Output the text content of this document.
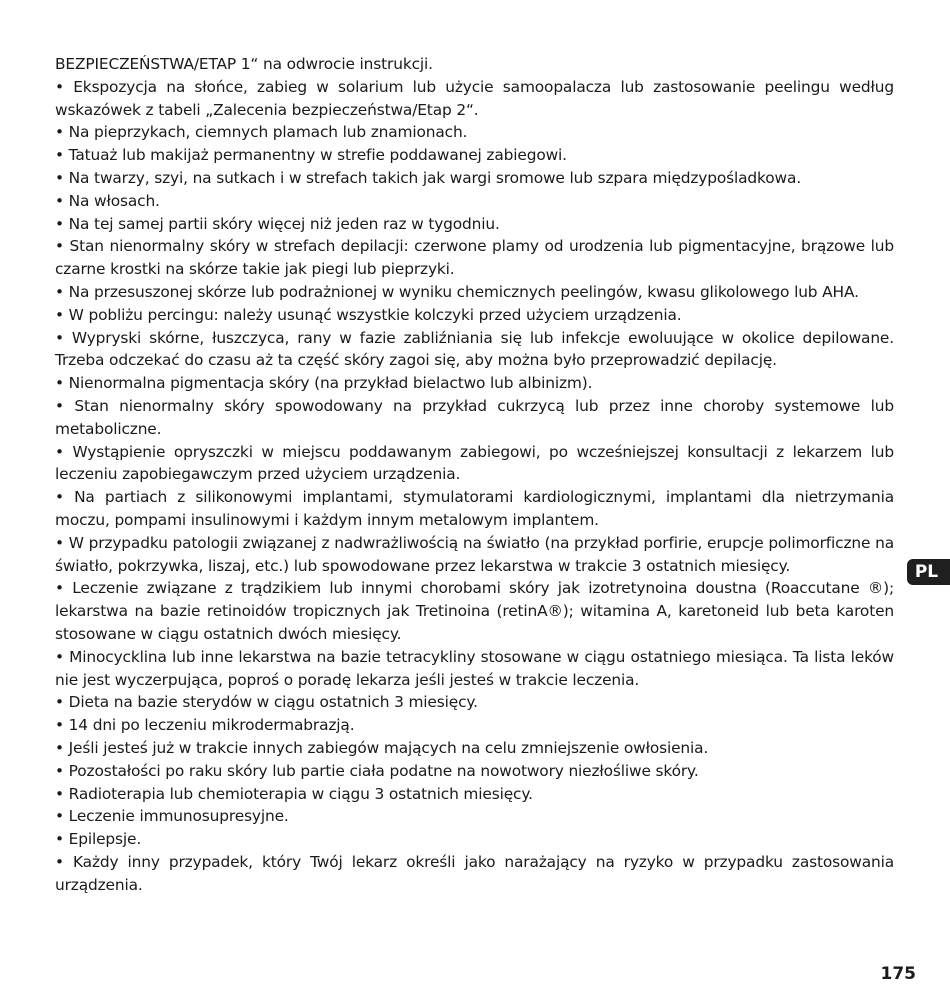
BEZPIECZEŃSTWA/ETAP 1“ na odwrocie instrukcji.

• Ekspozycja na słońce, zabieg w solarium lub użycie samoopalacza lub zastosowanie peelingu według wskazówek z tabeli „Zalecenia bezpieczeństwa/Etap 2“.

• Na pieprzykach, ciemnych plamach lub znamionach.

• Tatuaż lub makijaż permanentny w strefie poddawanej zabiegowi.

• Na twarzy, szyi, na sutkach i w strefach takich jak wargi sromowe lub szpara międzypośladkowa.

• Na włosach.

• Na tej samej partii skóry więcej niż jeden raz w tygodniu.

• Stan nienormalny skóry w strefach depilacji: czerwone plamy od urodzenia lub pigmentacyjne, brązowe lub czarne krostki na skórze takie jak piegi lub pieprzyki.

• Na przesuszonej skórze lub podrażnionej w wyniku chemicznych peelingów, kwasu glikolowego lub AHA.

• W pobliżu percingu: należy usunąć wszystkie kolczyki przed użyciem urządzenia.

• Wypryski skórne, łuszczyca, rany w fazie zabliźniania się lub infekcje ewoluujące w okolice depilowane. Trzeba odczekać do czasu aż ta część skóry zagoi się, aby można było przeprowadzić depilację.

• Nienormalna pigmentacja skóry (na przykład bielactwo lub albinizm).

• Stan nienormalny skóry spowodowany na przykład cukrzycą lub przez inne choroby systemowe lub metaboliczne.

• Wystąpienie opryszczki w miejscu poddawanym zabiegowi, po wcześniejszej konsultacji z lekarzem lub leczeniu zapobiegawczym przed użyciem urządzenia.

• Na partiach z silikonowymi implantami, stymulatorami kardiologicznymi, implantami dla nietrzymania moczu, pompami insulinowymi i każdym innym metalowym implantem.

• W przypadku patologii związanej z nadwrażliwością na światło (na przykład porfirie, erupcje polimorficzne na światło, pokrzywka, liszaj, etc.) lub spowodowane przez lekarstwa w trakcie 3 ostatnich miesięcy.

• Leczenie związane z trądzikiem lub innymi chorobami skóry jak izotretynoina doustna (Roaccutane ®); lekarstwa na bazie retinoidów tropicznych jak Tretinoina (retinA®); witamina A, karetoneid lub beta karoten stosowane w ciągu ostatnich dwóch miesięcy.

• Minocycklina lub inne lekarstwa na bazie tetracykliny stosowane w ciągu ostatniego miesiąca. Ta lista leków nie jest wyczerpująca, poproś o poradę lekarza jeśli jesteś w trakcie leczenia.

• Dieta na bazie sterydów w ciągu ostatnich 3 miesięcy.

• 14 dni po leczeniu mikrodermabrazją.

• Jeśli jesteś już w trakcie innych zabiegów mających na celu zmniejszenie owłosienia.

• Pozostałości po raku skóry lub partie ciała podatne na nowotwory niezłośliwe skóry.

• Radioterapia lub chemioterapia w ciągu 3 ostatnich miesięcy.

• Leczenie immunosupresyjne.

• Epilepsje.

• Każdy inny przypadek, który Twój lekarz określi jako narażający na ryzyko w przypadku zastosowania urządzenia.

PL
175
